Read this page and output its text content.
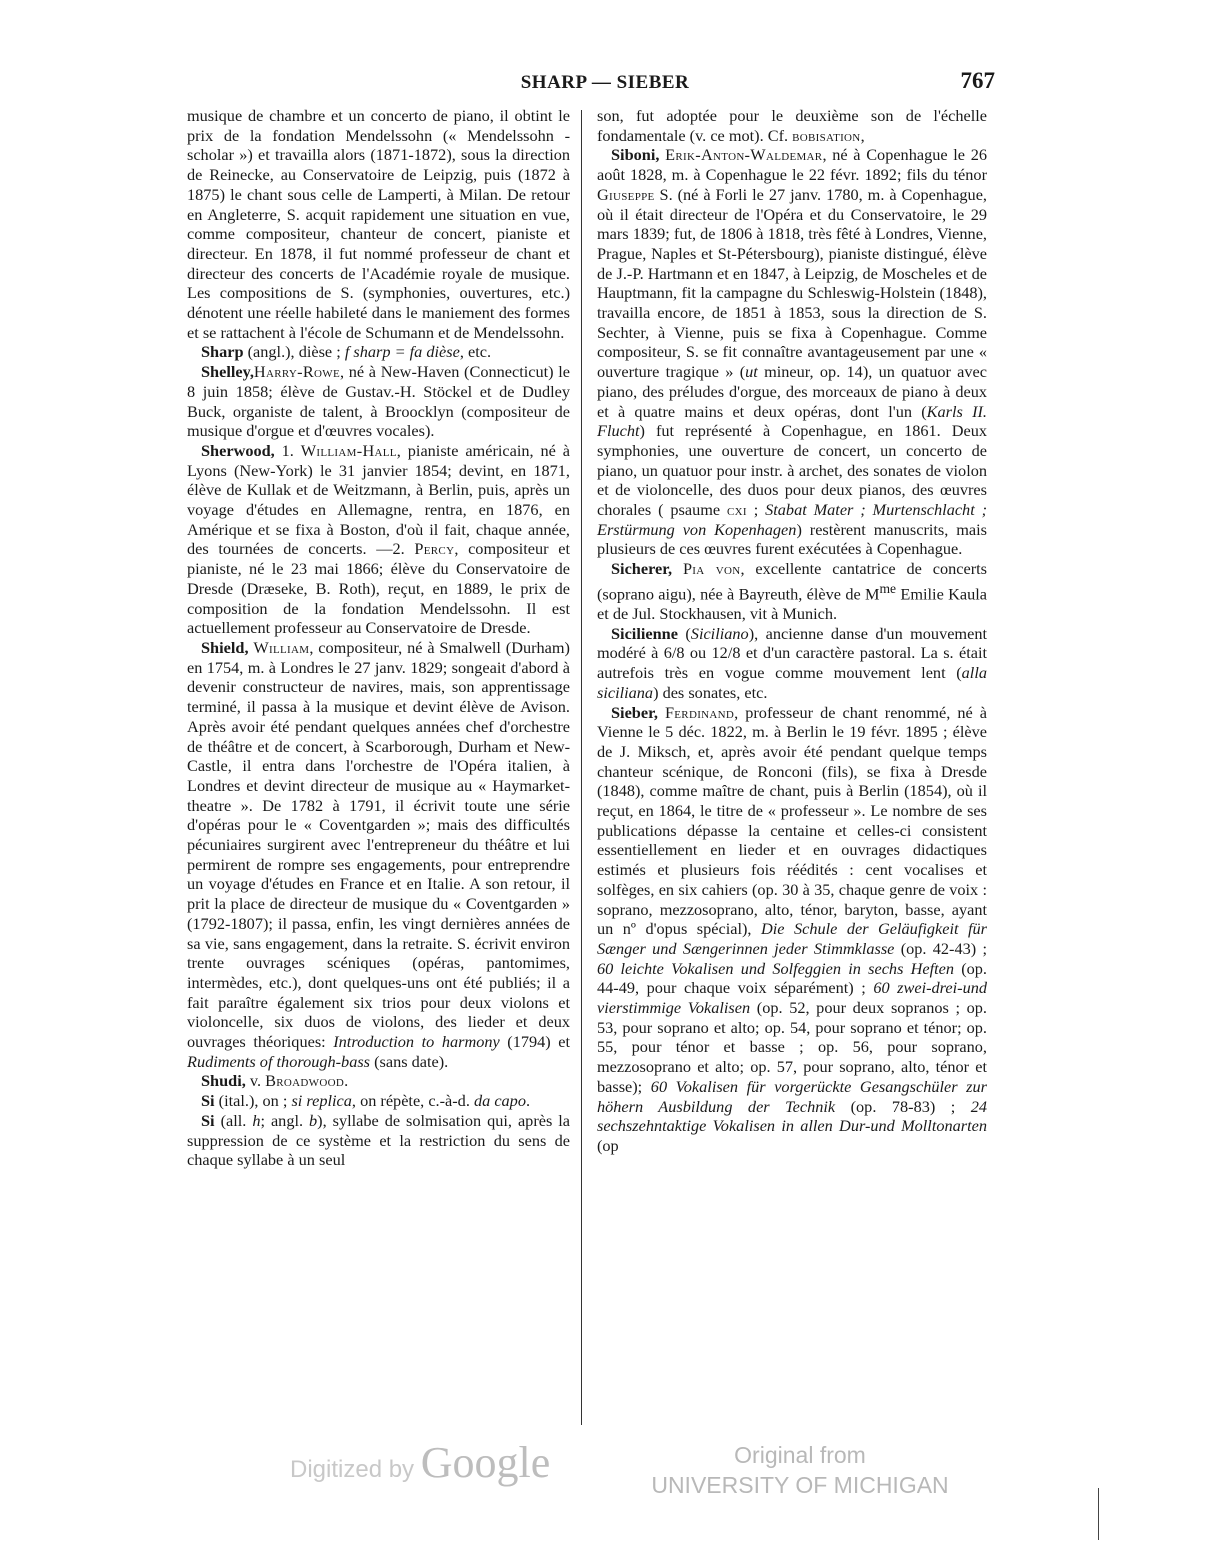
SHARP — SIEBER	767

musique de chambre et un concerto de piano, il obtint le prix de la fondation Mendelssohn (« Mendelssohn - scholar ») et travailla alors (1871-1872), sous la direction de Reinecke, au Conservatoire de Leipzig, puis (1872 à 1875) le chant sous celle de Lamperti, à Milan. De retour en Angleterre, S. acquit rapidement une situation en vue, comme compositeur, chanteur de concert, pianiste et directeur. En 1878, il fut nommé professeur de chant et directeur des concerts de l'Académie royale de musique. Les compositions de S. (symphonies, ouvertures, etc.) dénotent une réelle habileté dans le maniement des formes et se rattachent à l'école de Schumann et de Mendelssohn.

Sharp (angl.), dièse ; f sharp = fa dièse, etc.

Shelley,Harry-Rowe, né à New-Haven (Connecticut) le 8 juin 1858; élève de Gustav.-H. Stöckel et de Dudley Buck, organiste de talent, à Broocklyn (compositeur de musique d'orgue et d'œuvres vocales).

Sherwood, 1. William-Hall, pianiste américain, né à Lyons (New-York) le 31 janvier 1854; devint, en 1871, élève de Kullak et de Weitzmann, à Berlin, puis, après un voyage d'études en Allemagne, rentra, en 1876, en Amérique et se fixa à Boston, d'où il fait, chaque année, des tournées de concerts. —2. Percy, compositeur et pianiste, né le 23 mai 1866; élève du Conservatoire de Dresde (Dræseke, B. Roth), reçut, en 1889, le prix de composition de la fondation Mendelssohn. Il est actuellement professeur au Conservatoire de Dresde.

Shield, William, compositeur, né à Smalwell (Durham) en 1754, m. à Londres le 27 janv. 1829; songeait d'abord à devenir constructeur de navires, mais, son apprentissage terminé, il passa à la musique et devint élève de Avison. Après avoir été pendant quelques années chef d'orchestre de théâtre et de concert, à Scarborough, Durham et New-Castle, il entra dans l'orchestre de l'Opéra italien, à Londres et devint directeur de musique au « Haymarket-theatre ». De 1782 à 1791, il écrivit toute une série d'opéras pour le « Coventgarden »; mais des difficultés pécuniaires surgirent avec l'entrepreneur du théâtre et lui permirent de rompre ses engagements, pour entreprendre un voyage d'études en France et en Italie. A son retour, il prit la place de directeur de musique du « Coventgarden » (1792-1807); il passa, enfin, les vingt dernières années de sa vie, sans engagement, dans la retraite. S. écrivit environ trente ouvrages scéniques (opéras, pantomimes, intermèdes, etc.), dont quelques-uns ont été publiés; il a fait paraître également six trios pour deux violons et violoncelle, six duos de violons, des lieder et deux ouvrages théoriques: Introduction to harmony (1794) et Rudiments of thorough-bass (sans date).

Shudi, v. Broadwood.

Si (ital.), on ; si replica, on répète, c.-à-d. da capo.

Si (all. h; angl. b), syllabe de solmisation qui, après la suppression de ce système et la restriction du sens de chaque syllabe à un seul

son, fut adoptée pour le deuxième son de l'échelle fondamentale (v. ce mot). Cf. bobisation,

Siboni, Erik-Anton-Waldemar, né à Copenhague le 26 août 1828, m. à Copenhague le 22 févr. 1892; fils du ténor Giuseppe S. (né à Forli le 27 janv. 1780, m. à Copenhague, où il était directeur de l'Opéra et du Conservatoire, le 29 mars 1839; fut, de 1806 à 1818, très fêté à Londres, Vienne, Prague, Naples et St-Pétersbourg), pianiste distingué, élève de J.-P. Hartmann et en 1847, à Leipzig, de Moscheles et de Hauptmann, fit la campagne du Schleswig-Holstein (1848), travailla encore, de 1851 à 1853, sous la direction de S. Sechter, à Vienne, puis se fixa à Copenhague. Comme compositeur, S. se fit connaître avantageusement par une « ouverture tragique » (ut mineur, op. 14), un quatuor avec piano, des préludes d'orgue, des morceaux de piano à deux et à quatre mains et deux opéras, dont l'un (Karls II. Flucht) fut représenté à Copenhague, en 1861. Deux symphonies, une ouverture de concert, un concerto de piano, un quatuor pour instr. à archet, des sonates de violon et de violoncelle, des duos pour deux pianos, des œuvres chorales ( psaume cxi ; Stabat Mater ; Murtenschlacht ; Erstürmung von Kopenhagen) restèrent manuscrits, mais plusieurs de ces œuvres furent exécutées à Copenhague.

Sicherer, Pia von, excellente cantatrice de concerts (soprano aigu), née à Bayreuth, élève de $M^{me}$ Emilie Kaula et de Jul. Stockhausen, vit à Munich.

Sicilienne (Siciliano), ancienne danse d'un mouvement modéré à 6/8 ou 12/8 et d'un caractère pastoral. La s. était autrefois très en vogue comme mouvement lent (alla siciliana) des sonates, etc.

Sieber, Ferdinand, professeur de chant renommé, né à Vienne le 5 déc. 1822, m. à Berlin le 19 févr. 1895 ; élève de J. Miksch, et, après avoir été pendant quelque temps chanteur scénique, de Ronconi (fils), se fixa à Dresde (1848), comme maître de chant, puis à Berlin (1854), où il reçut, en 1864, le titre de « professeur ». Le nombre de ses publications dépasse la centaine et celles-ci consistent essentiellement en lieder et en ouvrages didactiques estimés et plusieurs fois réédités : cent vocalises et solfèges, en six cahiers (op. 30 à 35, chaque genre de voix : soprano, mezzosoprano, alto, ténor, baryton, basse, ayant un nº d'opus spécial), Die Schule der Geläufigkeit für Sænger und Sængerinnen jeder Stimmklasse (op. 42-43) ; 60 leichte Vokalisen und Solfeggien in sechs Heften (op. 44-49, pour chaque voix séparément) ; 60 zwei-drei-und vierstimmige Vokalisen (op. 52, pour deux sopranos ; op. 53, pour soprano et alto; op. 54, pour soprano et ténor; op. 55, pour ténor et basse ; op. 56, pour soprano, mezzosoprano et alto; op. 57, pour soprano, alto, ténor et basse); 60 Vokalisen für vorgerückte Gesangschüler zur höhern Ausbildung der Technik (op. 78-83) ; 24 sechszehntaktige Vokalisen in allen Dur-und Molltonarten (op

Digitized by Google	Original from
UNIVERSITY OF MICHIGAN
